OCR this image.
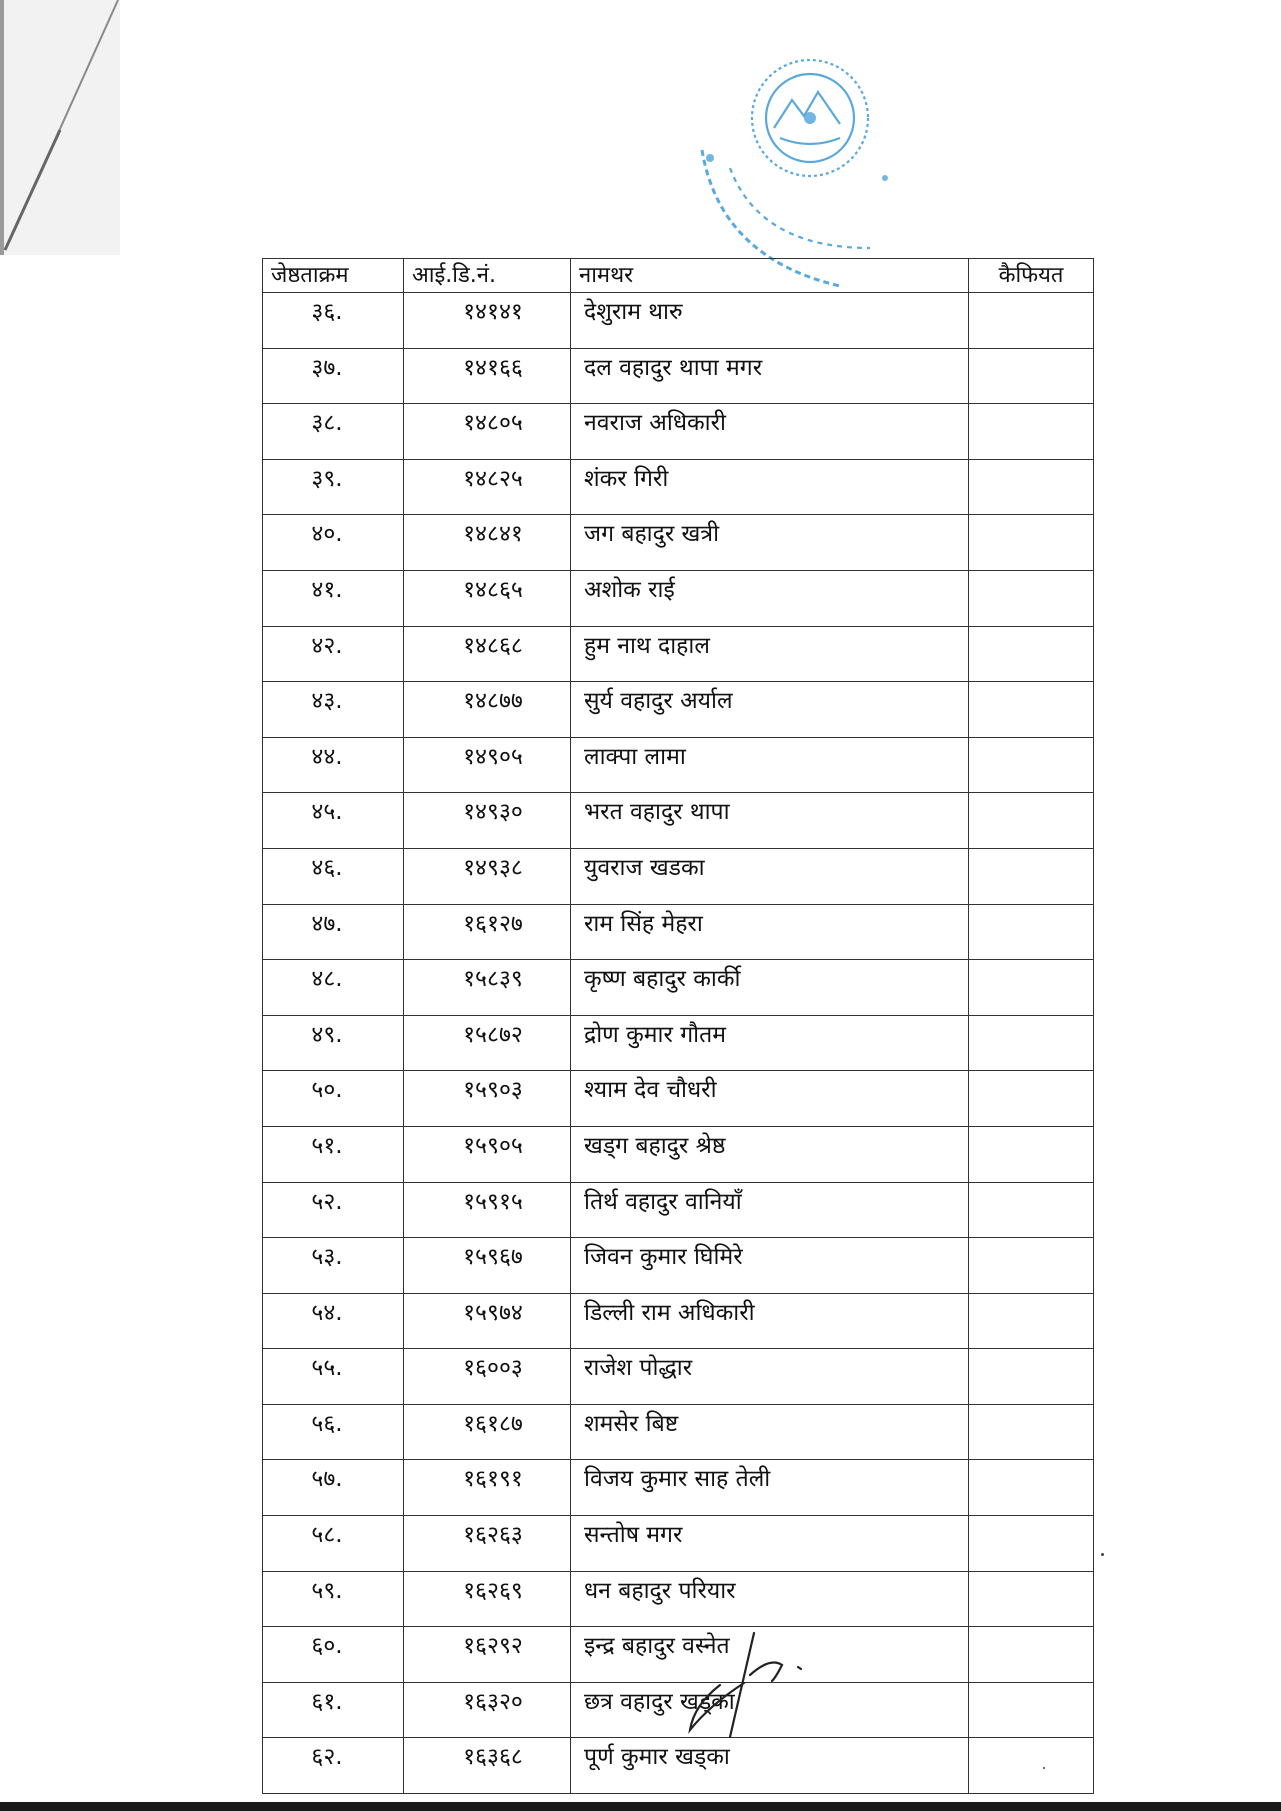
जेष्ठताक्रम	आई.डि.नं.	नामथर	कैफियत
३६.	१४१४१	देशुराम थारु	
३७.	१४१६६	दल वहादुर थापा मगर	
३८.	१४८०५	नवराज अधिकारी	
३९.	१४८२५	शंकर गिरी	
४०.	१४८४१	जग बहादुर खत्री	
४१.	१४८६५	अशोक राई	
४२.	१४८६८	हुम नाथ दाहाल	
४३.	१४८७७	सुर्य वहादुर अर्याल	
४४.	१४९०५	लाक्पा लामा	
४५.	१४९३०	भरत वहादुर थापा	
४६.	१४९३८	युवराज खडका	
४७.	१६१२७	राम सिंह मेहरा	
४८.	१५८३९	कृष्ण बहादुर कार्की	
४९.	१५८७२	द्रोण कुमार गौतम	
५०.	१५९०३	श्याम देव चौधरी	
५१.	१५९०५	खड्ग बहादुर श्रेष्ठ	
५२.	१५९१५	तिर्थ वहादुर वानियाँ	
५३.	१५९६७	जिवन कुमार घिमिरे	
५४.	१५९७४	डिल्ली राम अधिकारी	
५५.	१६००३	राजेश पोद्धार	
५६.	१६१८७	शमसेर बिष्ट	
५७.	१६१९१	विजय कुमार साह तेली	
५८.	१६२६३	सन्तोष मगर	
५९.	१६२६९	धन बहादुर परियार	
६०.	१६२९२	इन्द्र बहादुर वस्नेत	
६१.	१६३२०	छत्र वहादुर खड्का	
६२.	१६३६८	पूर्ण कुमार खड्का	
